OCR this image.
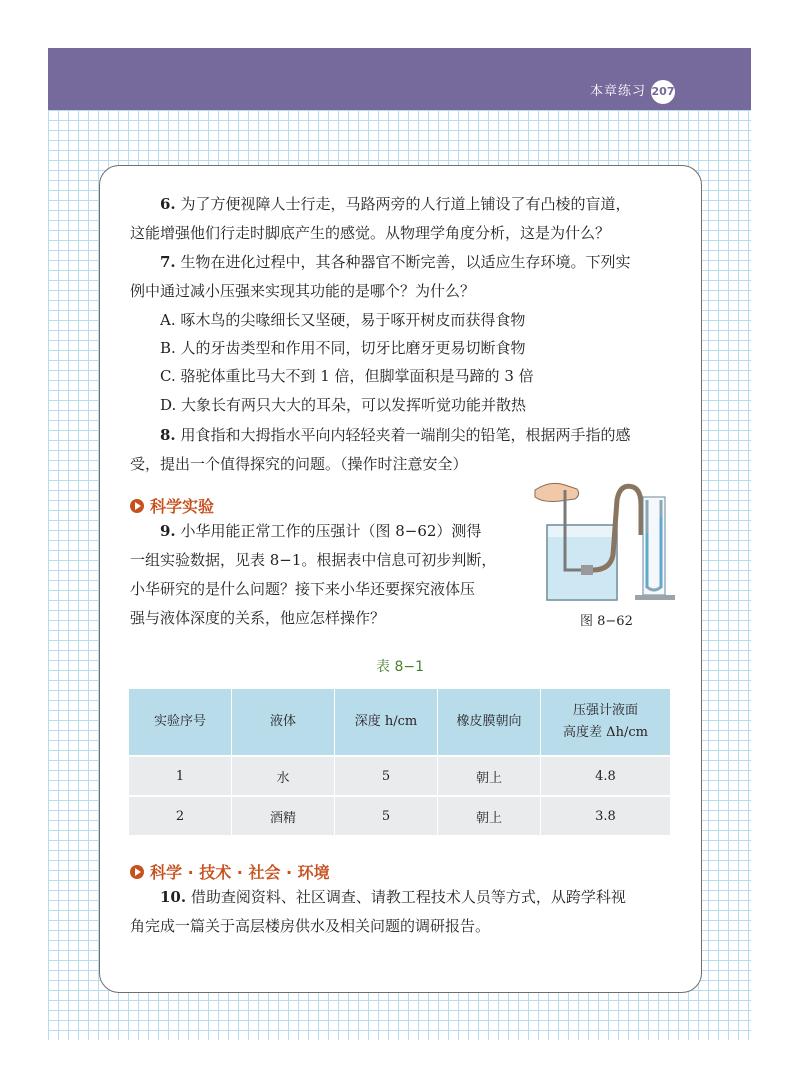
本章练习 207

6. 为了方便视障人士行走，马路两旁的人行道上铺设了有凸棱的盲道，
这能增强他们行走时脚底产生的感觉。从物理学角度分析，这是为什么？

7. 生物在进化过程中，其各种器官不断完善，以适应生存环境。下列实
例中通过减小压强来实现其功能的是哪个？为什么？

A. 啄木鸟的尖喙细长又坚硬，易于啄开树皮而获得食物
B. 人的牙齿类型和作用不同，切牙比磨牙更易切断食物
C. 骆驼体重比马大不到 1 倍，但脚掌面积是马蹄的 3 倍
D. 大象长有两只大大的耳朵，可以发挥听觉功能并散热

8. 用食指和大拇指水平向内轻轻夹着一端削尖的铅笔，根据两手指的感
受，提出一个值得探究的问题。（操作时注意安全）

科学实验

9. 小华用能正常工作的压强计（图 8−62）测得
一组实验数据，见表 8−1。根据表中信息可初步判断，
小华研究的是什么问题？接下来小华还要探究液体压
强与液体深度的关系，他应怎样操作？	图 8−62
表 8−1
实验序号	液体	深度 h/cm	橡皮膜朝向	压强计液面
高度差 Δh/cm
1	水	5	朝上	4.8
2	酒精	5	朝上	3.8
科学 · 技术 · 社会 · 环境

10. 借助查阅资料、社区调查、请教工程技术人员等方式，从跨学科视
角完成一篇关于高层楼房供水及相关问题的调研报告。
